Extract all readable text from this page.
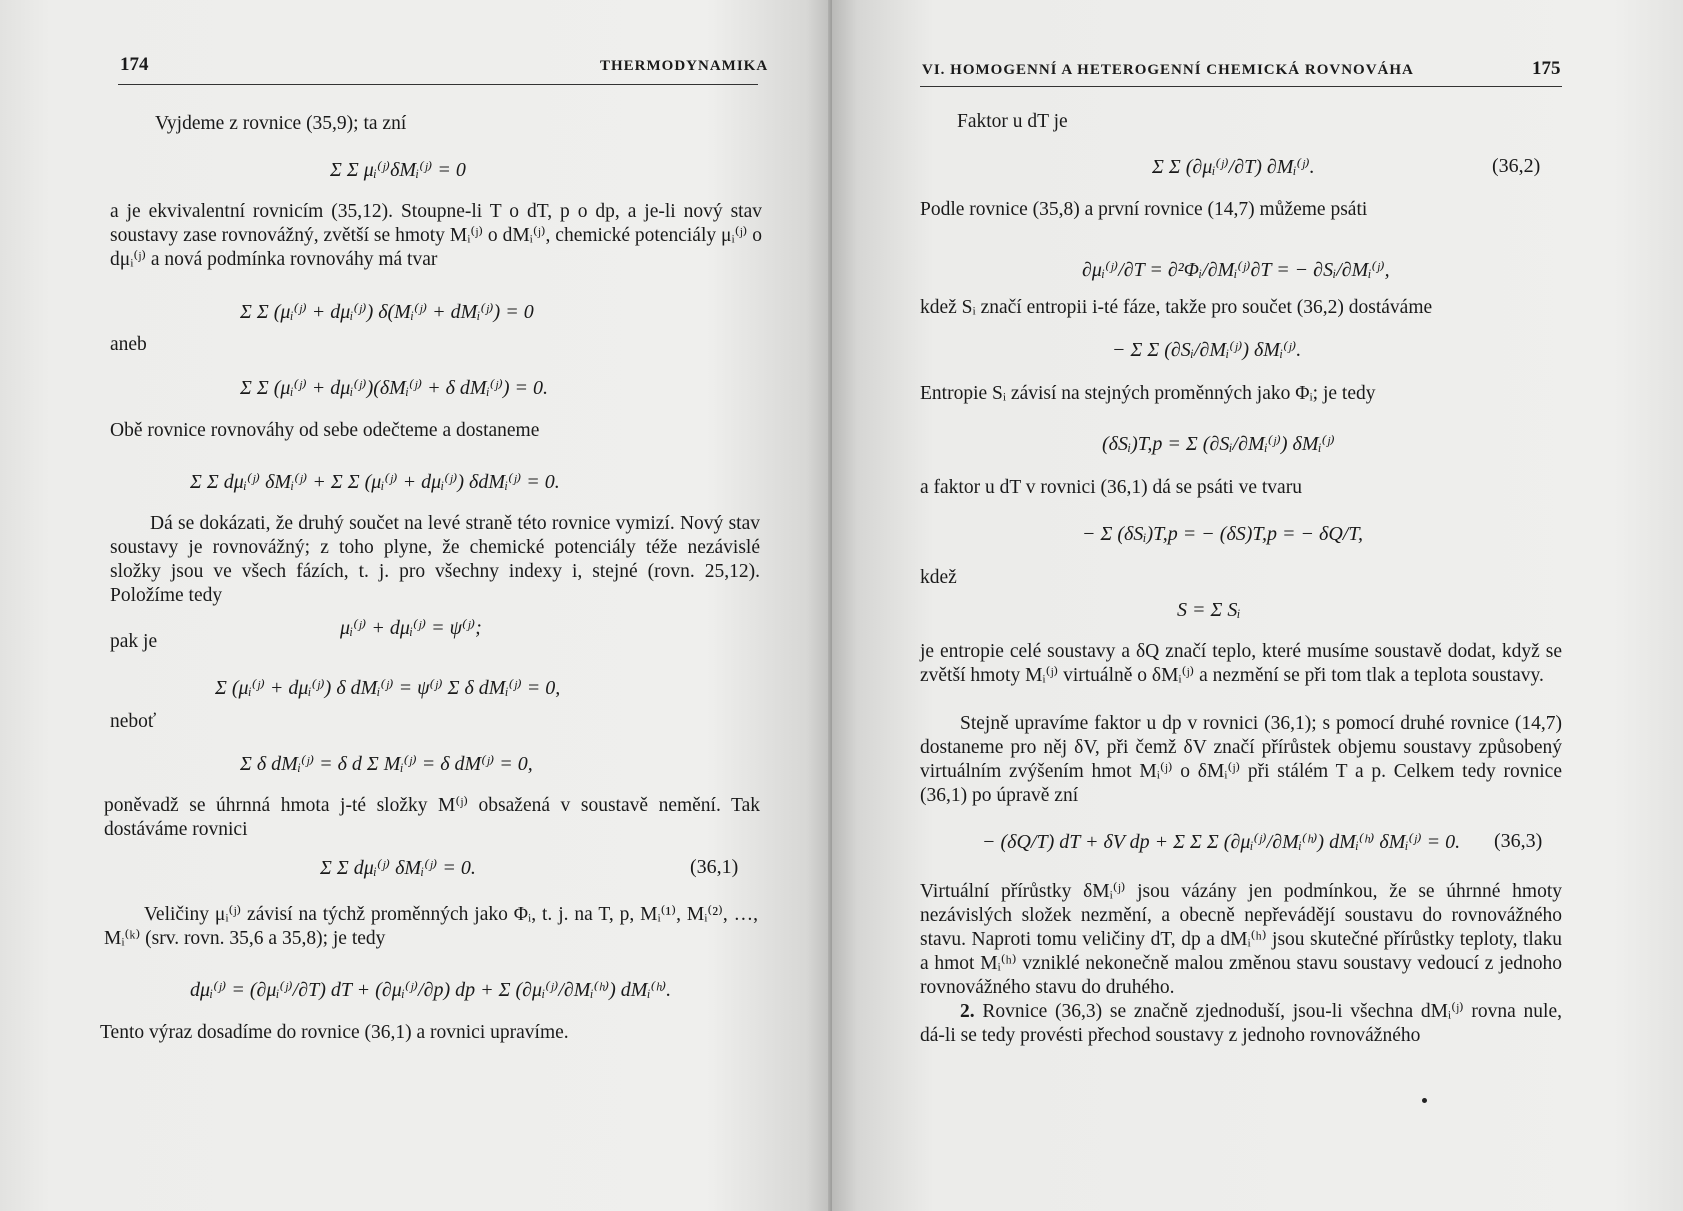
174	THERMODYNAMIKA
Vyjdeme z rovnice (35,9); ta zní
Σ Σ μᵢ⁽ʲ⁾δMᵢ⁽ʲ⁾ = 0
a je ekvivalentní rovnicím (35,12). Stoupne-li T o dT, p o dp, a je-li nový stav soustavy zase rovnovážný, zvětší se hmoty Mᵢ⁽ʲ⁾ o dMᵢ⁽ʲ⁾, chemické potenciály μᵢ⁽ʲ⁾ o dμᵢ⁽ʲ⁾ a nová podmínka rovnováhy má tvar
Σ Σ (μᵢ⁽ʲ⁾ + dμᵢ⁽ʲ⁾) δ(Mᵢ⁽ʲ⁾ + dMᵢ⁽ʲ⁾) = 0
aneb
Σ Σ (μᵢ⁽ʲ⁾ + dμᵢ⁽ʲ⁾)(δMᵢ⁽ʲ⁾ + δ dMᵢ⁽ʲ⁾) = 0.
Obě rovnice rovnováhy od sebe odečteme a dostaneme
Σ Σ dμᵢ⁽ʲ⁾ δMᵢ⁽ʲ⁾ + Σ Σ (μᵢ⁽ʲ⁾ + dμᵢ⁽ʲ⁾) δdMᵢ⁽ʲ⁾ = 0.
Dá se dokázati, že druhý součet na levé straně této rovnice vymizí. Nový stav soustavy je rovnovážný; z toho plyne, že chemické potenciály téže nezávislé složky jsou ve všech fázích, t. j. pro všechny indexy i, stejné (rovn. 25,12). Položíme tedy
μᵢ⁽ʲ⁾ + dμᵢ⁽ʲ⁾ = ψ⁽ʲ⁾;
pak je
Σ (μᵢ⁽ʲ⁾ + dμᵢ⁽ʲ⁾) δ dMᵢ⁽ʲ⁾ = ψ⁽ʲ⁾ Σ δ dMᵢ⁽ʲ⁾ = 0,
neboť
Σ δ dMᵢ⁽ʲ⁾ = δ d Σ Mᵢ⁽ʲ⁾ = δ dM⁽ʲ⁾ = 0,
poněvadž se úhrnná hmota j-té složky M⁽ʲ⁾ obsažená v soustavě nemění. Tak dostáváme rovnici
Σ Σ dμᵢ⁽ʲ⁾ δMᵢ⁽ʲ⁾ = 0.	(36,1)
Veličiny μᵢ⁽ʲ⁾ závisí na týchž proměnných jako Φᵢ, t. j. na T, p, Mᵢ⁽¹⁾, Mᵢ⁽²⁾, …, Mᵢ⁽ᵏ⁾ (srv. rovn. 35,6 a 35,8); je tedy
dμᵢ⁽ʲ⁾ = (∂μᵢ⁽ʲ⁾/∂T) dT + (∂μᵢ⁽ʲ⁾/∂p) dp + Σ (∂μᵢ⁽ʲ⁾/∂Mᵢ⁽ʰ⁾) dMᵢ⁽ʰ⁾.
Tento výraz dosadíme do rovnice (36,1) a rovnici upravíme.
VI. HOMOGENNÍ A HETEROGENNÍ CHEMICKÁ ROVNOVÁHA	175
Faktor u dT je
Σ Σ (∂μᵢ⁽ʲ⁾/∂T) ∂Mᵢ⁽ʲ⁾.	(36,2)
Podle rovnice (35,8) a první rovnice (14,7) můžeme psáti
∂μᵢ⁽ʲ⁾/∂T = ∂²Φᵢ/∂Mᵢ⁽ʲ⁾∂T = − ∂Sᵢ/∂Mᵢ⁽ʲ⁾,
kdež Sᵢ značí entropii i-té fáze, takže pro součet (36,2) dostáváme
− Σ Σ (∂Sᵢ/∂Mᵢ⁽ʲ⁾) δMᵢ⁽ʲ⁾.
Entropie Sᵢ závisí na stejných proměnných jako Φᵢ; je tedy
(δSᵢ)T,p = Σ (∂Sᵢ/∂Mᵢ⁽ʲ⁾) δMᵢ⁽ʲ⁾
a faktor u dT v rovnici (36,1) dá se psáti ve tvaru
− Σ (δSᵢ)T,p = − (δS)T,p = − δQ/T,
kdež
S = Σ Sᵢ
je entropie celé soustavy a δQ značí teplo, které musíme soustavě dodat, když se zvětší hmoty Mᵢ⁽ʲ⁾ virtuálně o δMᵢ⁽ʲ⁾ a nezmění se při tom tlak a teplota soustavy.
Stejně upravíme faktor u dp v rovnici (36,1); s pomocí druhé rovnice (14,7) dostaneme pro něj δV, při čemž δV značí přírůstek objemu soustavy způsobený virtuálním zvýšením hmot Mᵢ⁽ʲ⁾ o δMᵢ⁽ʲ⁾ při stálém T a p. Celkem tedy rovnice (36,1) po úpravě zní
− (δQ/T) dT + δV dp + Σ Σ Σ (∂μᵢ⁽ʲ⁾/∂Mᵢ⁽ʰ⁾) dMᵢ⁽ʰ⁾ δMᵢ⁽ʲ⁾ = 0. (36,3)
Virtuální přírůstky δMᵢ⁽ʲ⁾ jsou vázány jen podmínkou, že se úhrnné hmoty nezávislých složek nezmění, a obecně nepřevádějí soustavu do rovnovážného stavu. Naproti tomu veličiny dT, dp a dMᵢ⁽ʰ⁾ jsou skutečné přírůstky teploty, tlaku a hmot Mᵢ⁽ʰ⁾ vzniklé nekonečně malou změnou stavu soustavy vedoucí z jednoho rovnovážného stavu do druhého.
2. Rovnice (36,3) se značně zjednoduší, jsou-li všechna dMᵢ⁽ʲ⁾ rovna nule, dá-li se tedy provésti přechod soustavy z jednoho rovnovážného
